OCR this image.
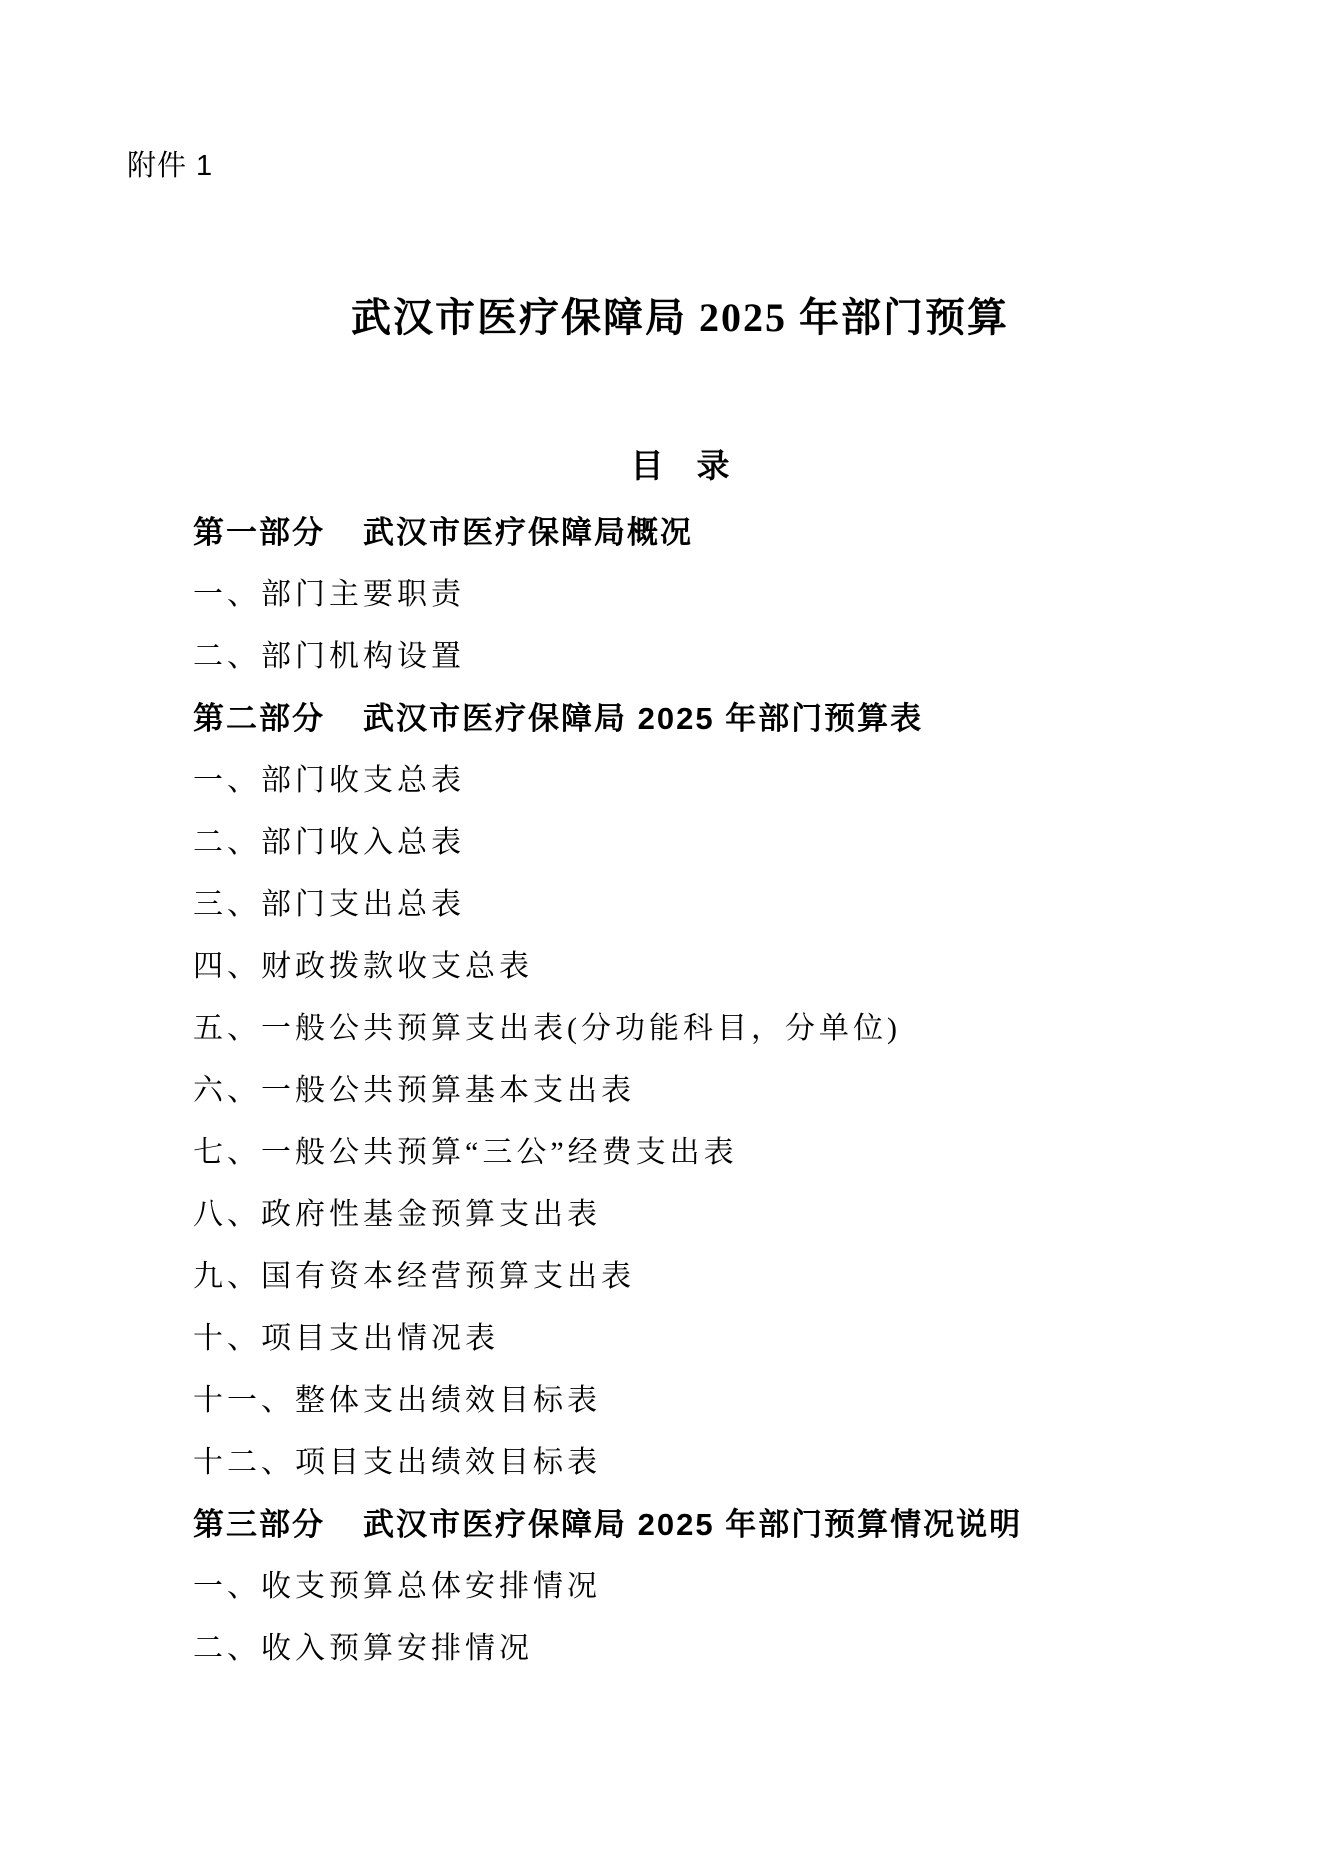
附件 1
武汉市医疗保障局 2025 年部门预算
目　录
第一部分 武汉市医疗保障局概况
一、部门主要职责
二、部门机构设置
第二部分 武汉市医疗保障局 2025 年部门预算表
一、部门收支总表
二、部门收入总表
三、部门支出总表
四、财政拨款收支总表
五、一般公共预算支出表(分功能科目，分单位)
六、一般公共预算基本支出表
七、一般公共预算“三公”经费支出表
八、政府性基金预算支出表
九、国有资本经营预算支出表
十、项目支出情况表
十一、整体支出绩效目标表
十二、项目支出绩效目标表
第三部分 武汉市医疗保障局 2025 年部门预算情况说明
一、收支预算总体安排情况
二、收入预算安排情况
